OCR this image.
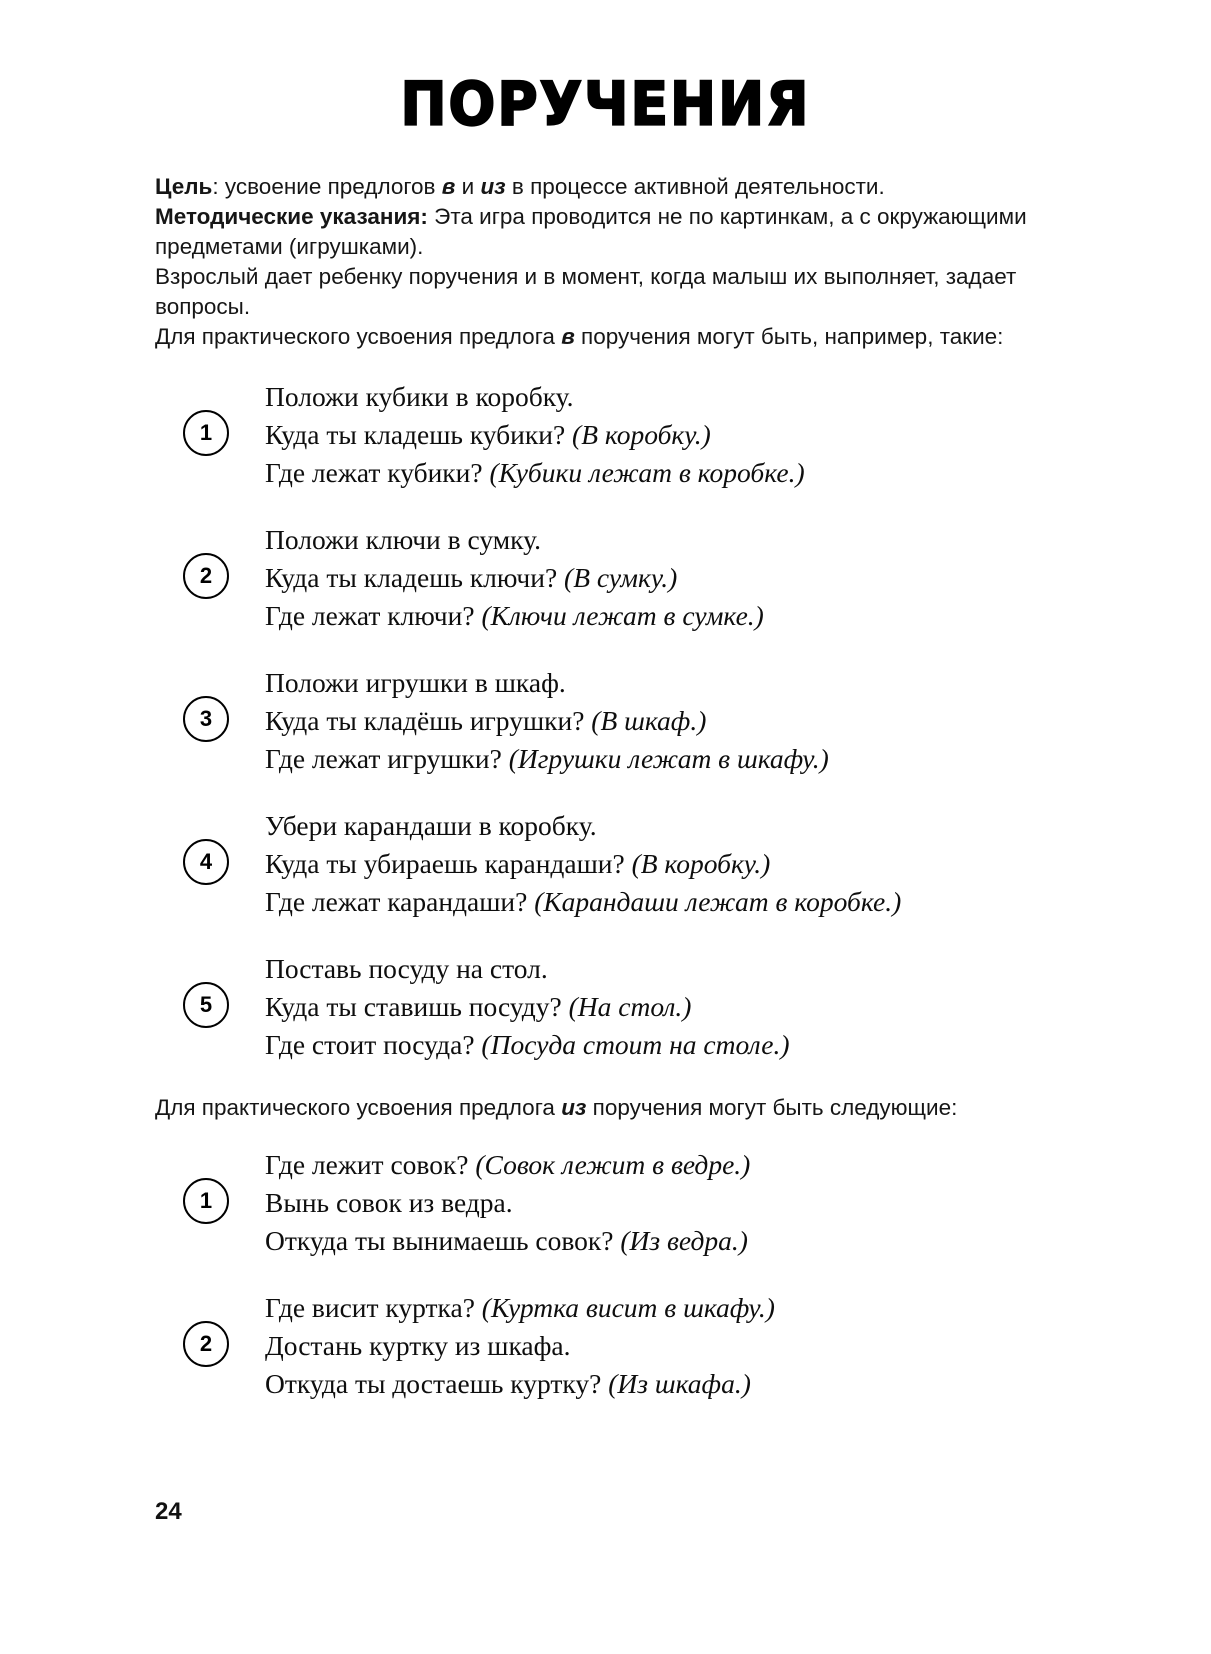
ПОРУЧЕНИЯ

Цель: усвоение предлогов в и из в процессе активной деятельности.

Методические указания: Эта игра проводится не по картинкам, а с окружающими предметами (игрушками).

Взрослый дает ребенку поручения и в момент, когда малыш их выполняет, задает вопросы.

Для практического усвоения предлога в поручения могут быть, например, такие:

1
Положи кубики в коробку.
Куда ты кладешь кубики? (В коробку.)
Где лежат кубики? (Кубики лежат в коробке.)
2
Положи ключи в сумку.
Куда ты кладешь ключи? (В сумку.)
Где лежат ключи? (Ключи лежат в сумке.)
3
Положи игрушки в шкаф.
Куда ты кладёшь игрушки? (В шкаф.)
Где лежат игрушки? (Игрушки лежат в шкафу.)
4
Убери карандаши в коробку.
Куда ты убираешь карандаши? (В коробку.)
Где лежат карандаши? (Карандаши лежат в коробке.)
5
Поставь посуду на стол.
Куда ты ставишь посуду? (На стол.)
Где стоит посуда? (Посуда стоит на столе.)
Для практического усвоения предлога из поручения могут быть следующие:
1
Где лежит совок? (Совок лежит в ведре.)
Вынь совок из ведра.
Откуда ты вынимаешь совок? (Из ведра.)
2
Где висит куртка? (Куртка висит в шкафу.)
Достань куртку из шкафа.
Откуда ты достаешь куртку? (Из шкафа.)
24
